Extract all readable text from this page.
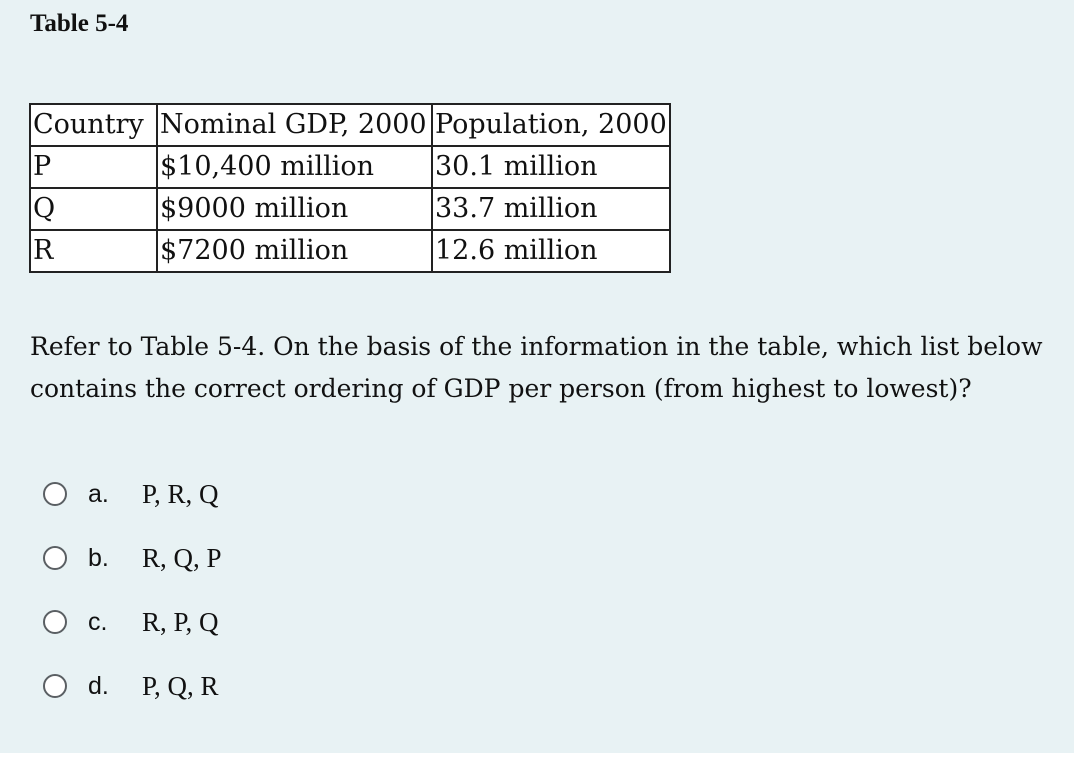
Table 5-4
Country	Nominal GDP, 2000	Population, 2000
P	$10,400 million	30.1 million
Q	$9000 million	33.7 million
R	$7200 million	12.6 million
Refer to Table 5-4. On the basis of the information in the table, which list below contains the correct ordering of GDP per person (from highest to lowest)?
a.	P, R, Q
b.	R, Q, P
c.	R, P, Q
d.	P, Q, R
